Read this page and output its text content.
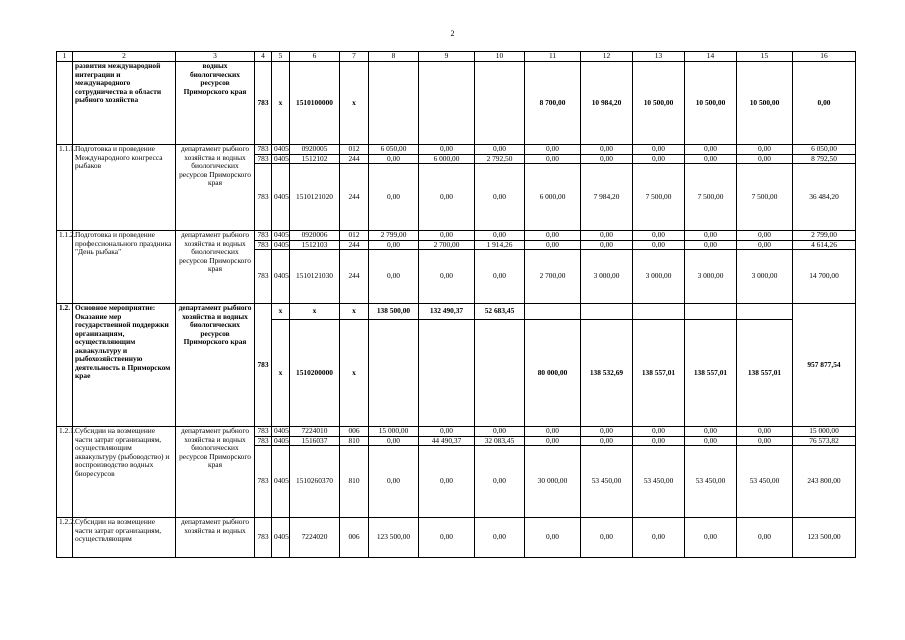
2
1	2	3	4	5	6	7	8	9	10	11	12	13	14	15	16
	развития международной интеграции и международного сотрудничества в области рыбного хозяйства	водных биологических ресурсов Приморского края	783	x	1510100000	x				8 700,00	10 984,20	10 500,00	10 500,00	10 500,00	0,00
1.1.1.	Подготовка и проведение Международного конгресса рыбаков	департамент рыбного хозяйства и водных биологических ресурсов Приморского края	783	0405	0920005	012	6 050,00	0,00	0,00	0,00	0,00	0,00	0,00	0,00	6 050,00
			783	0405	1512102	244	0,00	6 000,00	2 792,50	0,00	0,00	0,00	0,00	0,00	8 792,50
			783	0405	1510121020	244	0,00	0,00	0,00	6 000,00	7 984,20	7 500,00	7 500,00	7 500,00	36 484,20
1.1.2.	Подготовка и проведение профессионального праздника "День рыбака"	департамент рыбного хозяйства и водных биологических ресурсов Приморского края	783	0405	0920006	012	2 799,00	0,00	0,00	0,00	0,00	0,00	0,00	0,00	2 799,00
			783	0405	1512103	244	0,00	2 700,00	1 914,26	0,00	0,00	0,00	0,00	0,00	4 614,26
			783	0405	1510121030	244	0,00	0,00	0,00	2 700,00	3 000,00	3 000,00	3 000,00	3 000,00	14 700,00
1.2.	Основное мероприятие: Оказание мер государственной поддержки организациям, осуществляющим аквакультуру и рыбохозяйственную деятельность в Приморском крае	департамент рыбного хозяйства и водных биологических ресурсов Приморского края	783	x	x	x	138 500,00	132 490,37	52 683,45						957 877,54
				x	1510200000	x				80 000,00	138 532,69	138 557,01	138 557,01	138 557,01	
1.2.1.	Субсидии на возмещение части затрат организациям, осуществляющим аквакультуру (рыбоводство) и воспроизводство водных биоресурсов	департамент рыбного хозяйства и водных биологических ресурсов Приморского края	783	0405	7224010	006	15 000,00	0,00	0,00	0,00	0,00	0,00	0,00	0,00	15 000,00
			783	0405	1516037	810	0,00	44 490,37	32 083,45	0,00	0,00	0,00	0,00	0,00	76 573,82
			783	0405	1510260370	810	0,00	0,00	0,00	30 000,00	53 450,00	53 450,00	53 450,00	53 450,00	243 800,00
1.2.2.	Субсидии на возмещение части затрат организациям, осуществляющим	департамент рыбного хозяйства и водных	783	0405	7224020	006	123 500,00	0,00	0,00	0,00	0,00	0,00	0,00	0,00	123 500,00
